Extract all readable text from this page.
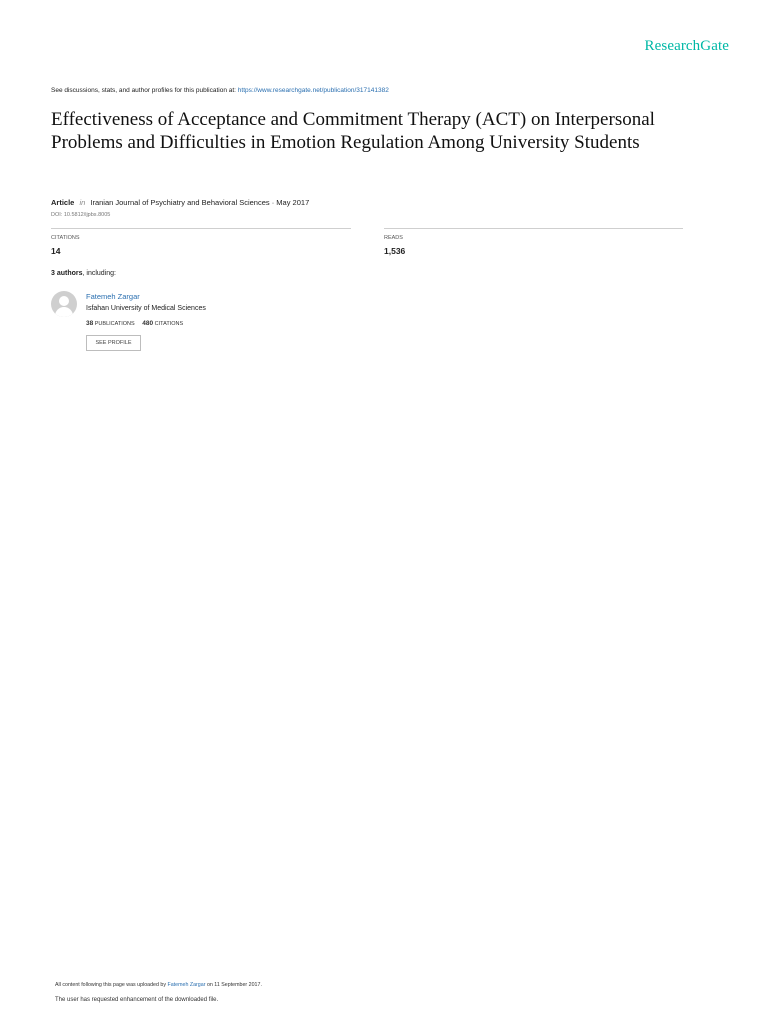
ResearchGate
See discussions, stats, and author profiles for this publication at: https://www.researchgate.net/publication/317141382
Effectiveness of Acceptance and Commitment Therapy (ACT) on Interpersonal Problems and Difficulties in Emotion Regulation Among University Students
Article in Iranian Journal of Psychiatry and Behavioral Sciences · May 2017
DOI: 10.5812/ijpbs.8005
CITATIONS
14
READS
1,536
3 authors, including:
Fatemeh Zargar
Isfahan University of Medical Sciences
38 PUBLICATIONS 480 CITATIONS
SEE PROFILE
All content following this page was uploaded by Fatemeh Zargar on 11 September 2017.
The user has requested enhancement of the downloaded file.
